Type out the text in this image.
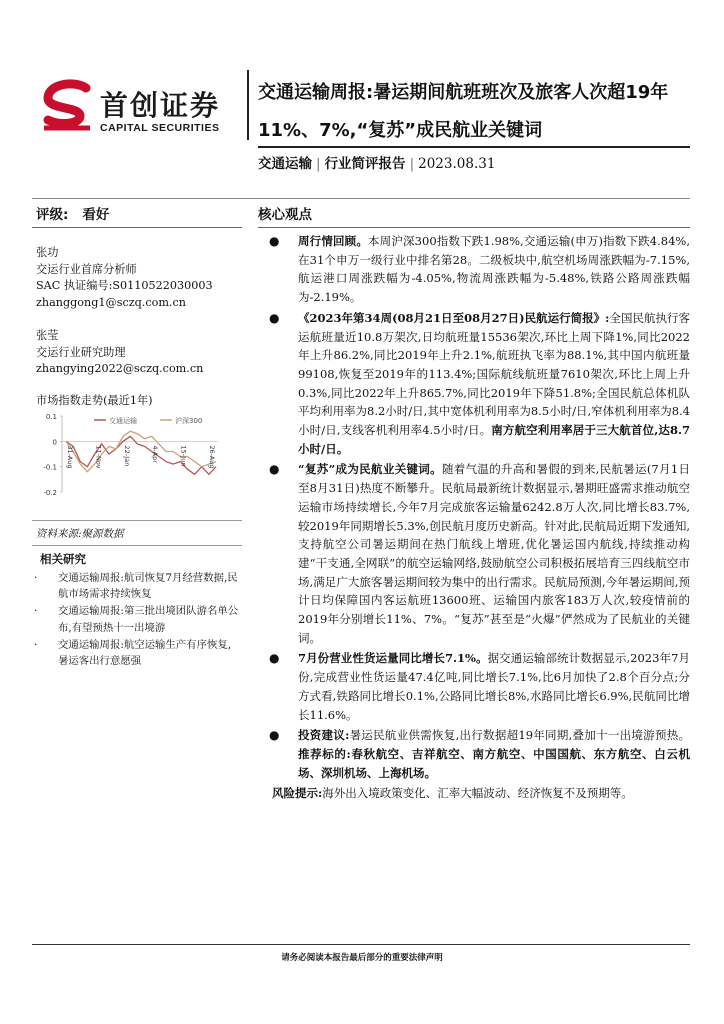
首创证券
CAPITAL SECURITIES
交通运输周报:暑运期间航班班次及旅客人次超19年
11%、7%,“复苏”成民航业关键词
交通运输 | 行业简评报告 | 2023.08.31
评级: 看好	核心观点
张功
交运行业首席分析师
SAC 执证编号:S0110522030003
zhanggong1@sczq.com.cn
张莹
交运行业研究助理
zhangying2022@sczq.com.cn
市场指数走势(最近1年)
0.1
0
-0.1
-0.2
31-Aug	11-Nov	22-Jan	4-Apr	15-Jun	26-Aug
交通运输	沪深300
资料来源:聚源数据
相关研究
· 交通运输周报:航司恢复7月经营数据,民航市场需求持续恢复
· 交通运输周报:第三批出境团队游名单公布,有望预热十一出境游
· 交通运输周报:航空运输生产有序恢复,暑运客出行意愿强
● 周行情回顾。本周沪深300指数下跌1.98%,交通运输(申万)指数下跌4.84%,在31个申万一级行业中排名第28。二级板块中,航空机场周涨跌幅为-7.15%,航运港口周涨跌幅为-4.05%,物流周涨跌幅为-5.48%,铁路公路周涨跌幅为-2.19%。
● 《2023年第34周(08月21日至08月27日)民航运行简报》:全国民航执行客运航班量近10.8万架次,日均航班量15536架次,环比上周下降1%,同比2022年上升86.2%,同比2019年上升2.1%,航班执飞率为88.1%,其中国内航班量99108,恢复至2019年的113.4%;国际航线航班量7610架次,环比上周上升0.3%,同比2022年上升865.7%,同比2019年下降51.8%;全国民航总体机队平均利用率为8.2小时/日,其中宽体机利用率为8.5小时/日,窄体机利用率为8.4小时/日,支线客机利用率4.5小时/日。南方航空利用率居于三大航首位,达8.7小时/日。
● “复苏”成为民航业关键词。随着气温的升高和暑假的到来,民航暑运(7月1日至8月31日)热度不断攀升。民航局最新统计数据显示,暑期旺盛需求推动航空运输市场持续增长,今年7月完成旅客运输量6242.8万人次,同比增长83.7%,较2019年同期增长5.3%,创民航月度历史新高。针对此,民航局近期下发通知,支持航空公司暑运期间在热门航线上增班,优化暑运国内航线,持续推动构建“干支通,全网联”的航空运输网络,鼓励航空公司积极拓展培育三四线航空市场,满足广大旅客暑运期间较为集中的出行需求。民航局预测,今年暑运期间,预计日均保障国内客运航班13600班、运输国内旅客183万人次,较疫情前的2019年分别增长11%、7%。“复苏”甚至是“火爆”俨然成为了民航业的关键词。
● 7月份营业性货运量同比增长7.1%。据交通运输部统计数据显示,2023年7月份,完成营业性货运量47.4亿吨,同比增长7.1%,比6月加快了2.8个百分点;分方式看,铁路同比增长0.1%,公路同比增长8%,水路同比增长6.9%,民航同比增长11.6%。
● 投资建议:暑运民航业供需恢复,出行数据超19年同期,叠加十一出境游预热。推荐标的:春秋航空、吉祥航空、南方航空、中国国航、东方航空、白云机场、深圳机场、上海机场。
风险提示:海外出入境政策变化、汇率大幅波动、经济恢复不及预期等。
请务必阅读本报告最后部分的重要法律声明
